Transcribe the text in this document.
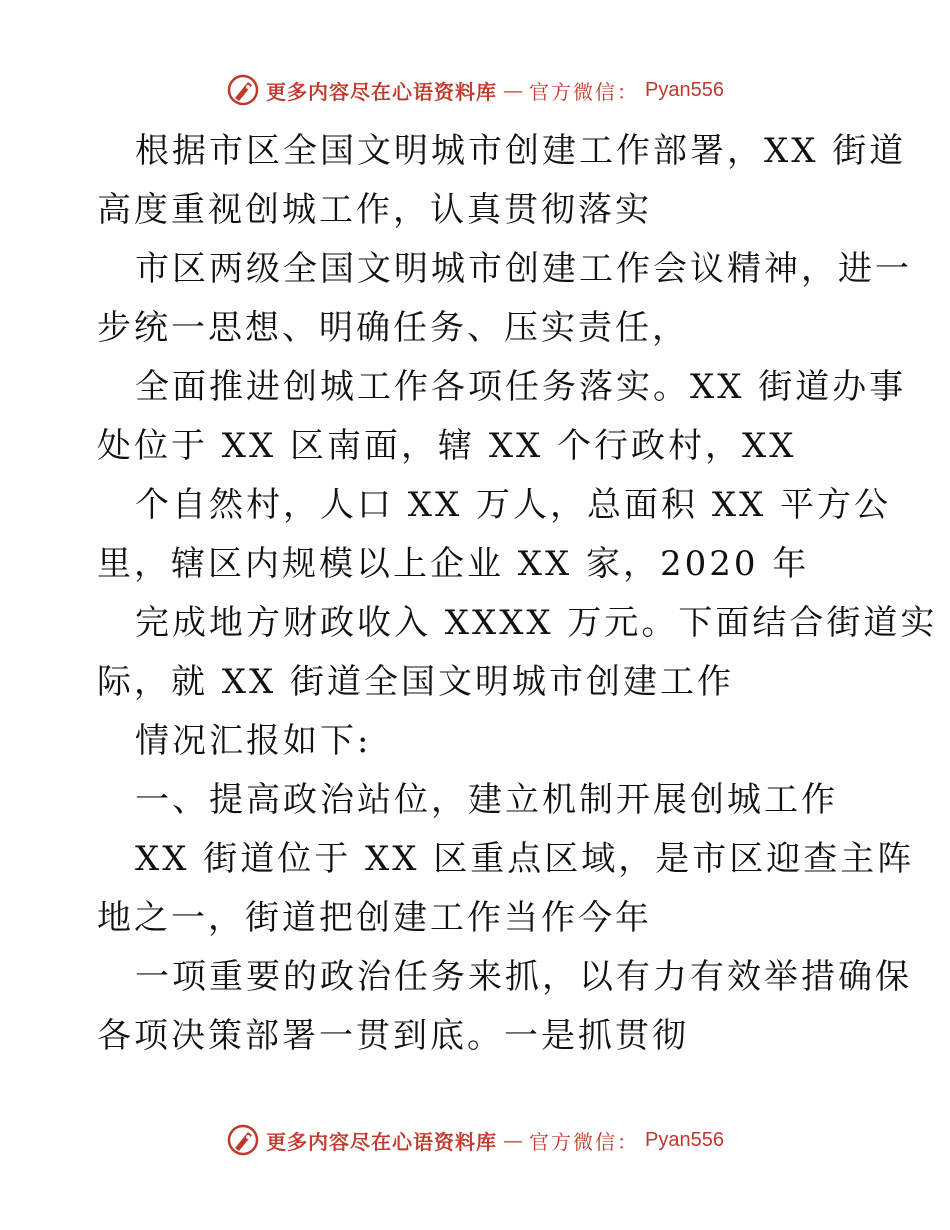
更多内容尽在心语资料库 — 官方微信： Pyan556
根据市区全国文明城市创建工作部署，XX 街道
高度重视创城工作，认真贯彻落实
市区两级全国文明城市创建工作会议精神，进一
步统一思想、明确任务、压实责任，
全面推进创城工作各项任务落实。XX 街道办事
处位于 XX 区南面，辖 XX 个行政村，XX
个自然村，人口 XX 万人，总面积 XX 平方公
里，辖区内规模以上企业 XX 家，2020 年
完成地方财政收入 XXXX 万元。下面结合街道实
际，就 XX 街道全国文明城市创建工作
情况汇报如下:
一、提高政治站位，建立机制开展创城工作
XX 街道位于 XX 区重点区域，是市区迎查主阵
地之一，街道把创建工作当作今年
一项重要的政治任务来抓，以有力有效举措确保
各项决策部署一贯到底。一是抓贯彻
更多内容尽在心语资料库 — 官方微信： Pyan556
